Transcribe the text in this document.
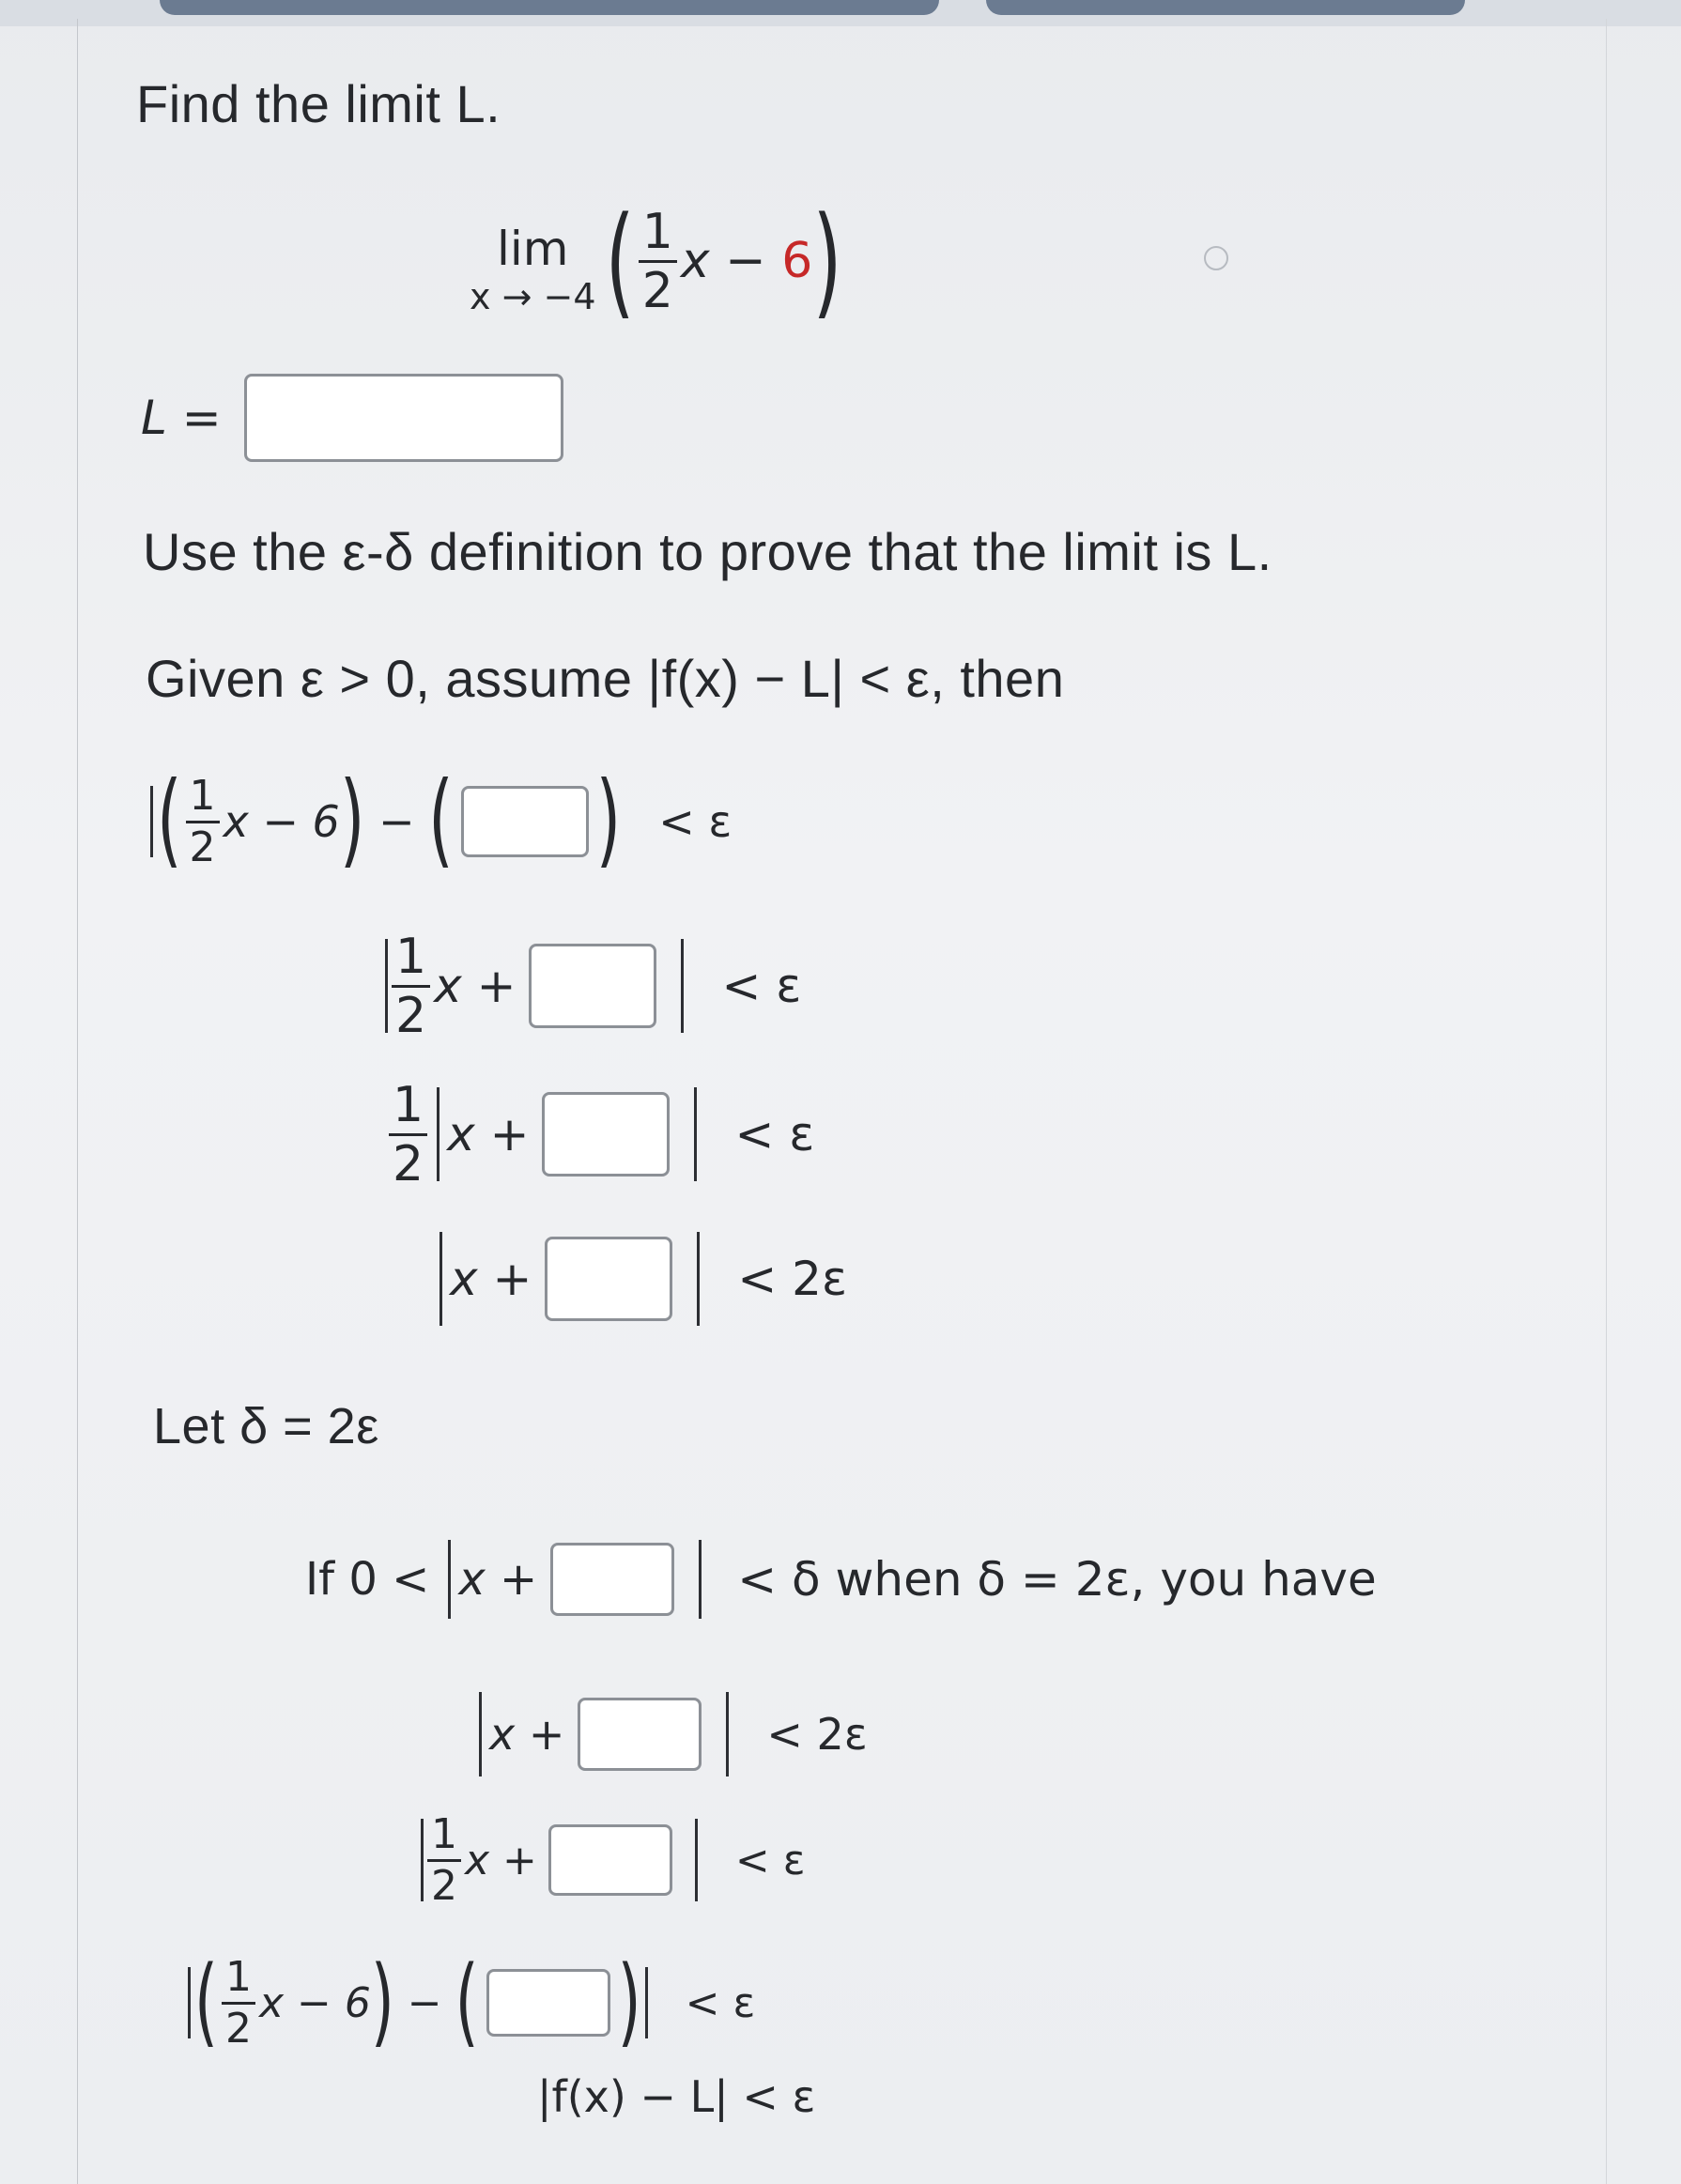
Find the limit L.
lim
x → −4 ( $\frac{1}{2}$ x − 6 )
L =
Use the ε-δ definition to prove that the limit is L.
Given ε > 0, assume |f(x) − L| < ε, then
( $\frac{1}{2}$ x − 6 ) − ( ) < ε
$\frac{1}{2}$ x +	< ε
$\frac{1}{2}$ x +	< ε
x +	< 2ε
Let δ = 2ε
If 0 < x +	< δ when δ = 2ε, you have
x +	< 2ε
$\frac{1}{2}$ x +	< ε
( $\frac{1}{2}$ x − 6 ) − ( ) < ε
|f(x) − L| < ε
